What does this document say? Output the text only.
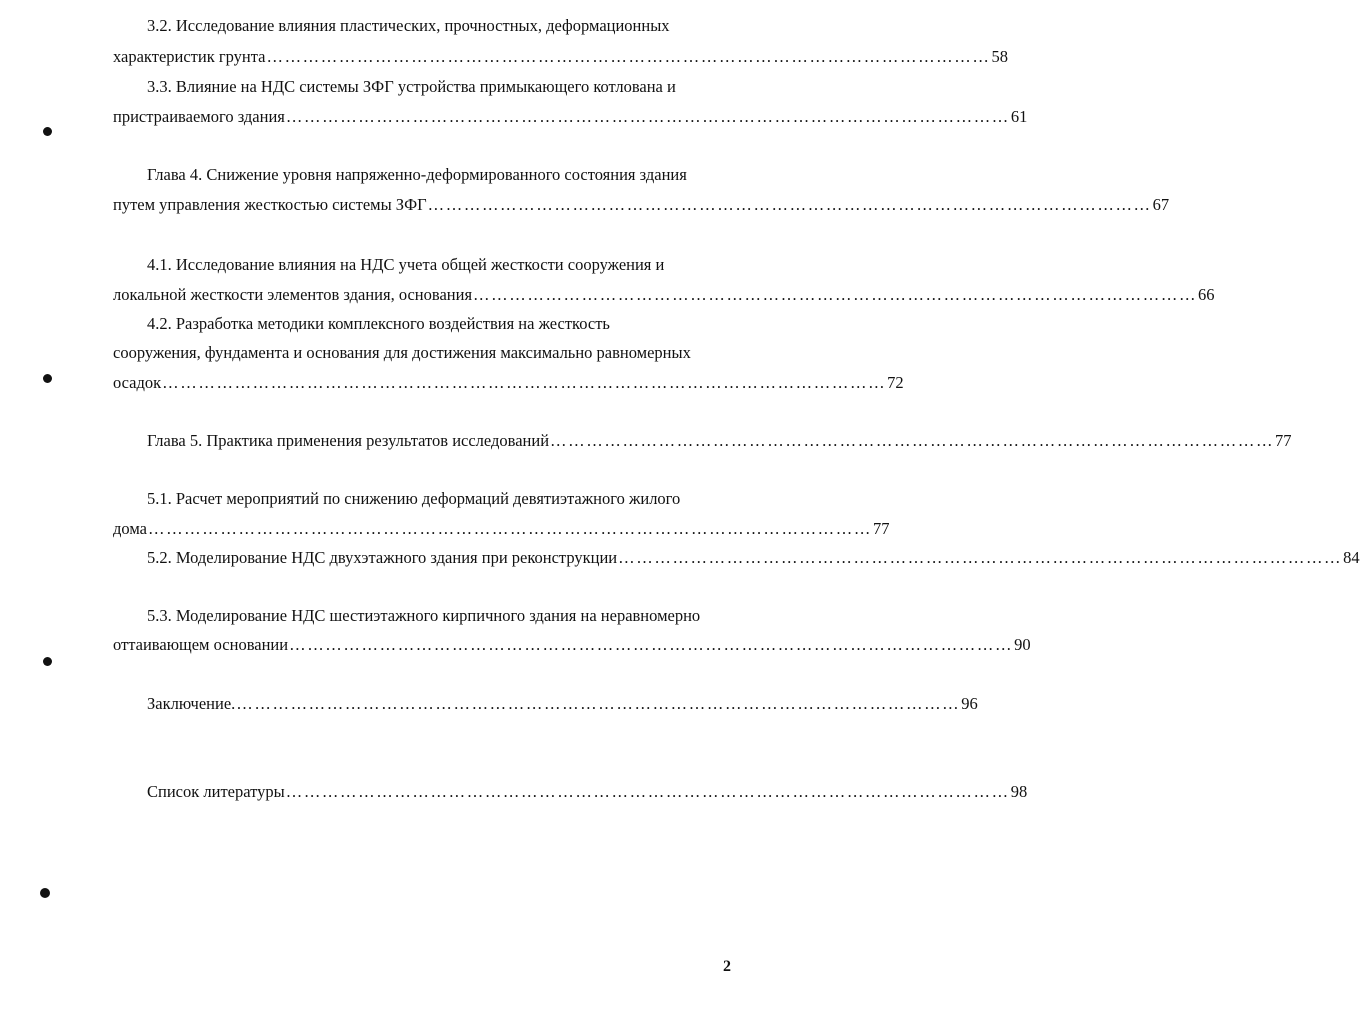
3.2. Исследование влияния пластических, прочностных, деформационных
характеристик грунта ………………………………………………………………………………………………………… 58
3.3. Влияние на НДС системы ЗФГ устройства примыкающего котлована и
пристраиваемого здания ………………………………………………………………………………………………………… 61
Глава 4. Снижение уровня напряженно-деформированного состояния здания
путем управления жесткостью системы ЗФГ ………………………………………………………………………………………………………… 67
4.1. Исследование влияния на НДС учета общей жесткости сооружения и
локальной жесткости элементов здания, основания ………………………………………………………………………………………………………… 66
4.2. Разработка методики комплексного воздействия на жесткость
сооружения, фундамента и основания для достижения максимально равномерных
осадок ………………………………………………………………………………………………………… 72
Глава 5. Практика применения результатов исследований ………………………………………………………………………………………………………… 77
5.1. Расчет мероприятий по снижению деформаций девятиэтажного жилого
дома ………………………………………………………………………………………………………… 77
5.2. Моделирование НДС двухэтажного здания при реконструкции ………………………………………………………………………………………………………… 84
5.3. Моделирование НДС шестиэтажного кирпичного здания на неравномерно
оттаивающем основании ………………………………………………………………………………………………………… 90
Заключение. ………………………………………………………………………………………………………… 96
Список литературы ………………………………………………………………………………………………………… 98
2
